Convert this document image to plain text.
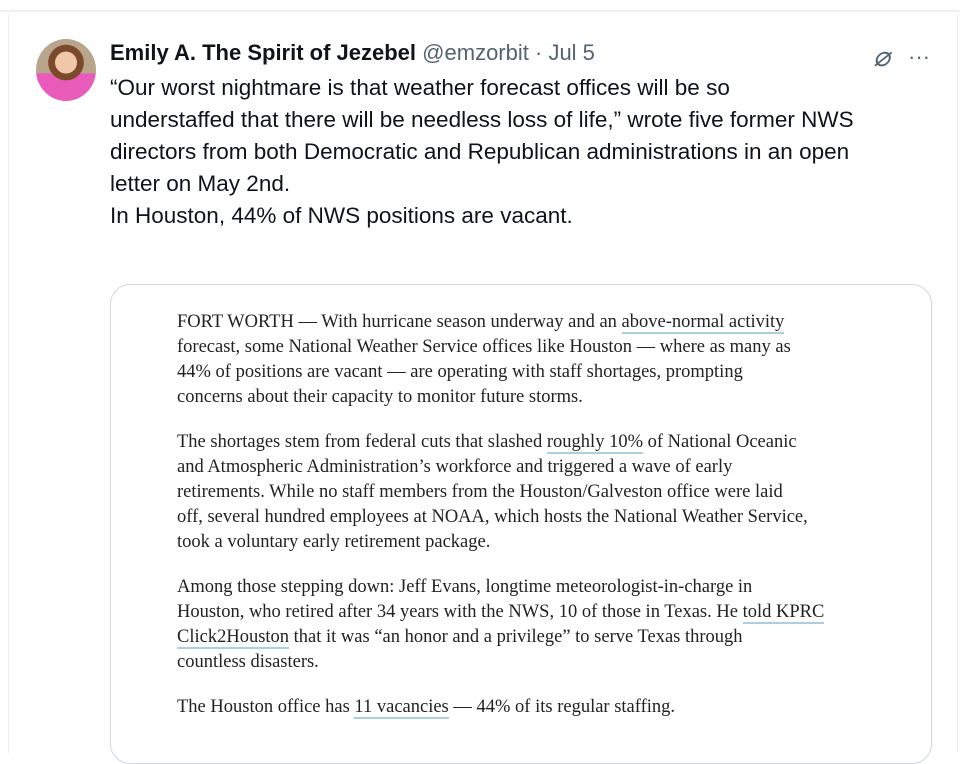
Emily A. The Spirit of Jezebel @emzorbit · Jul 5	⌀ ···

“Our worst nightmare is that weather forecast offices will be so

understaffed that there will be needless loss of life,” wrote five former NWS

directors from both Democratic and Republican administrations in an open

letter on May 2nd.

In Houston, 44% of NWS positions are vacant.

FORT WORTH — With hurricane season underway and an above-normal activity
forecast, some National Weather Service offices like Houston — where as many as
44% of positions are vacant — are operating with staff shortages, prompting
concerns about their capacity to monitor future storms.
The shortages stem from federal cuts that slashed roughly 10% of National Oceanic
and Atmospheric Administration’s workforce and triggered a wave of early
retirements. While no staff members from the Houston/Galveston office were laid
off, several hundred employees at NOAA, which hosts the National Weather Service,
took a voluntary early retirement package.
Among those stepping down: Jeff Evans, longtime meteorologist-in-charge in
Houston, who retired after 34 years with the NWS, 10 of those in Texas. He told KPRC
Click2Houston that it was “an honor and a privilege” to serve Texas through
countless disasters.
The Houston office has 11 vacancies — 44% of its regular staffing.
